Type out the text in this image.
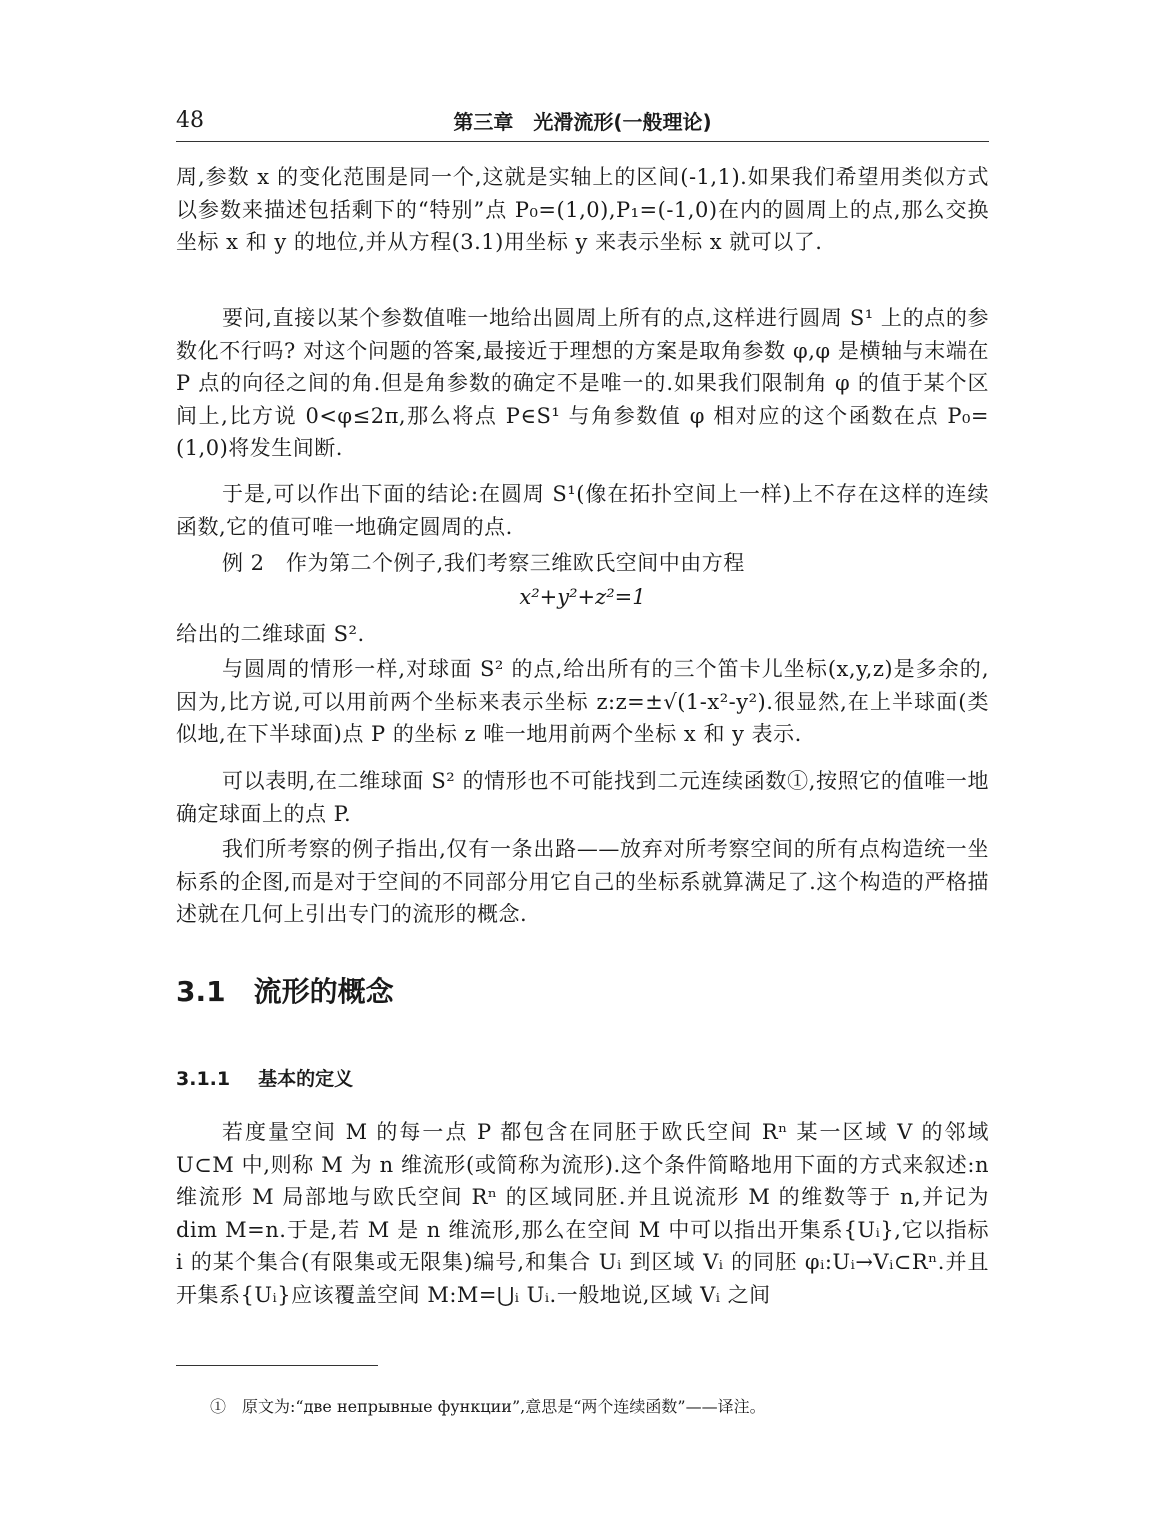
48	第三章　光滑流形(一般理论)

周,参数 x 的变化范围是同一个,这就是实轴上的区间(-1,1).如果我们希望用类似方式以参数来描述包括剩下的“特别”点 P₀=(1,0),P₁=(-1,0)在内的圆周上的点,那么交换坐标 x 和 y 的地位,并从方程(3.1)用坐标 y 来表示坐标 x 就可以了.

要问,直接以某个参数值唯一地给出圆周上所有的点,这样进行圆周 S¹ 上的点的参数化不行吗? 对这个问题的答案,最接近于理想的方案是取角参数 φ,φ 是横轴与末端在 P 点的向径之间的角.但是角参数的确定不是唯一的.如果我们限制角 φ 的值于某个区间上,比方说 0<φ≤2π,那么将点 P∈S¹ 与角参数值 φ 相对应的这个函数在点 P₀=(1,0)将发生间断.

于是,可以作出下面的结论:在圆周 S¹(像在拓扑空间上一样)上不存在这样的连续函数,它的值可唯一地确定圆周的点.

例 2　作为第二个例子,我们考察三维欧氏空间中由方程

x²+y²+z²=1

给出的二维球面 S².

与圆周的情形一样,对球面 S² 的点,给出所有的三个笛卡儿坐标(x,y,z)是多余的,因为,比方说,可以用前两个坐标来表示坐标 z:z=±√(1-x²-y²).很显然,在上半球面(类似地,在下半球面)点 P 的坐标 z 唯一地用前两个坐标 x 和 y 表示.

可以表明,在二维球面 S² 的情形也不可能找到二元连续函数①,按照它的值唯一地确定球面上的点 P.

我们所考察的例子指出,仅有一条出路——放弃对所考察空间的所有点构造统一坐标系的企图,而是对于空间的不同部分用它自己的坐标系就算满足了.这个构造的严格描述就在几何上引出专门的流形的概念.

3.1 流形的概念
3.1.1 基本的定义

若度量空间 M 的每一点 P 都包含在同胚于欧氏空间 Rⁿ 某一区域 V 的邻域 U⊂M 中,则称 M 为 n 维流形(或简称为流形).这个条件简略地用下面的方式来叙述:n 维流形 M 局部地与欧氏空间 Rⁿ 的区域同胚.并且说流形 M 的维数等于 n,并记为 dim M=n.于是,若 M 是 n 维流形,那么在空间 M 中可以指出开集系{Uᵢ},它以指标 i 的某个集合(有限集或无限集)编号,和集合 Uᵢ 到区域 Vᵢ 的同胚 φᵢ:Uᵢ→Vᵢ⊂Rⁿ.并且开集系{Uᵢ}应该覆盖空间 M:M=⋃ᵢ Uᵢ.一般地说,区域 Vᵢ 之间

①　原文为:“две непрывные функции”,意思是“两个连续函数”——译注。
